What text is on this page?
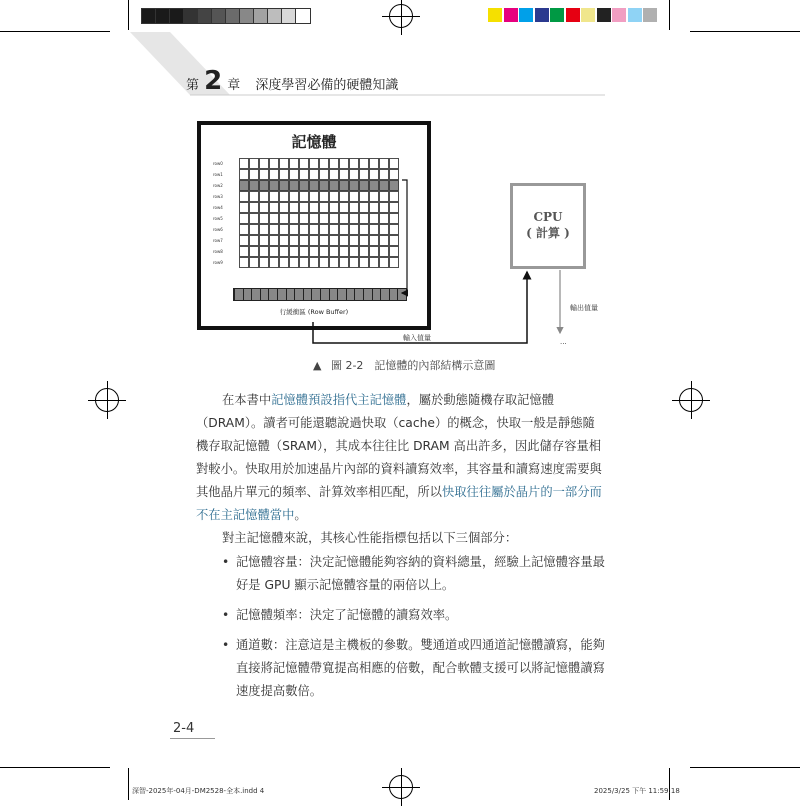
第 2 章 深度學習必備的硬體知識
記憶體
row0
row1
row2
row3
row4
row5
row6
row7
row8
row9
行緩衝區 (Row Buffer)
CPU
( 計算 )
輸入值量
輸出值量
...
▲ 圖 2-2　記憶體的內部結構示意圖
在本書中記憶體預設指代主記憶體，屬於動態隨機存取記憶體（DRAM）。讀者可能還聽說過快取（cache）的概念，快取一般是靜態隨機存取記憶體（SRAM），其成本往往比 DRAM 高出許多，因此儲存容量相對較小。快取用於加速晶片內部的資料讀寫效率，其容量和讀寫速度需要與其他晶片單元的頻率、計算效率相匹配，所以快取往往屬於晶片的一部分而不在主記憶體當中。
對主記憶體來說，其核心性能指標包括以下三個部分：
• 記憶體容量：決定記憶體能夠容納的資料總量，經驗上記憶體容量最好是 GPU 顯示記憶體容量的兩倍以上。
• 記憶體頻率：決定了記憶體的讀寫效率。
• 通道數：注意這是主機板的參數。雙通道或四通道記憶體讀寫，能夠直接將記憶體帶寬提高相應的倍數，配合軟體支援可以將記憶體讀寫速度提高數倍。
2-4
深智-2025年-04月-DM2528-全本.indd 4	2025/3/25 下午 11:59:18
